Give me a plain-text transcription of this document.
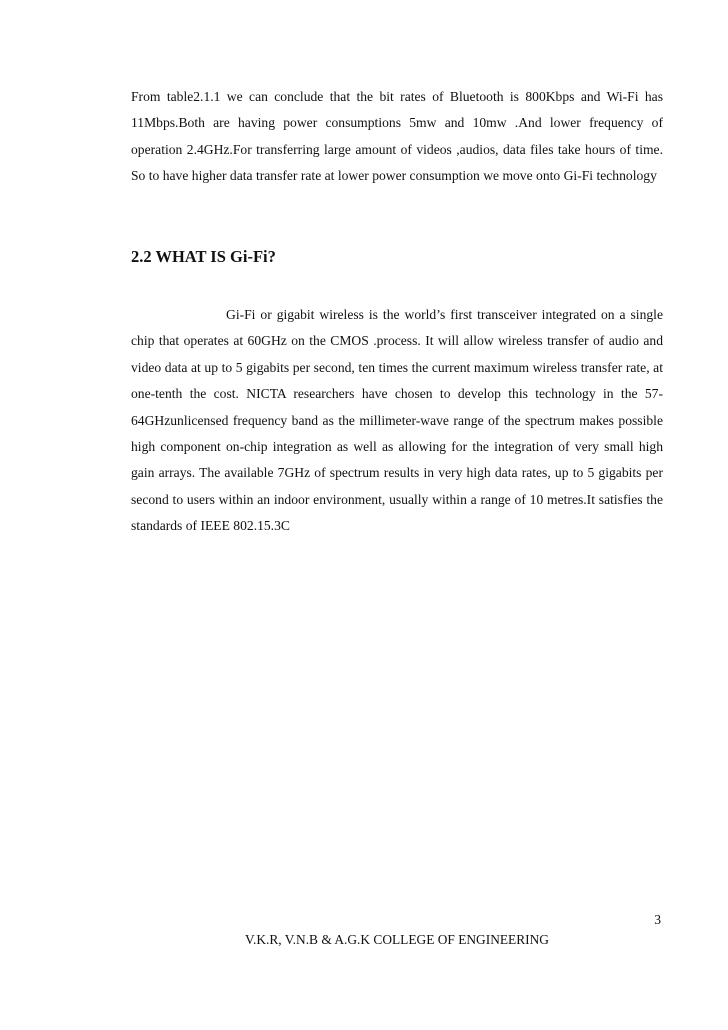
From table2.1.1 we can conclude that the bit rates of Bluetooth is 800Kbps and Wi-Fi has 11Mbps.Both are having power consumptions 5mw and 10mw .And lower frequency of operation 2.4GHz.For transferring large amount of videos ,audios, data files take hours of time. So to have higher data transfer rate at lower power consumption we move onto Gi-Fi technology

2.2 WHAT IS Gi-Fi?

Gi-Fi or gigabit wireless is the world’s first transceiver integrated on a single chip that operates at 60GHz on the CMOS .process. It will allow wireless transfer of audio and video data at up to 5 gigabits per second, ten times the current maximum wireless transfer rate, at one-tenth the cost. NICTA researchers have chosen to develop this technology in the 57-64GHzunlicensed frequency band as the millimeter-wave range of the spectrum makes possible high component on-chip integration as well as allowing for the integration of very small high gain arrays. The available 7GHz of spectrum results in very high data rates, up to 5 gigabits per second to users within an indoor environment, usually within a range of 10 metres.It satisfies the standards of IEEE 802.15.3C

3
V.K.R, V.N.B & A.G.K COLLEGE OF ENGINEERING
